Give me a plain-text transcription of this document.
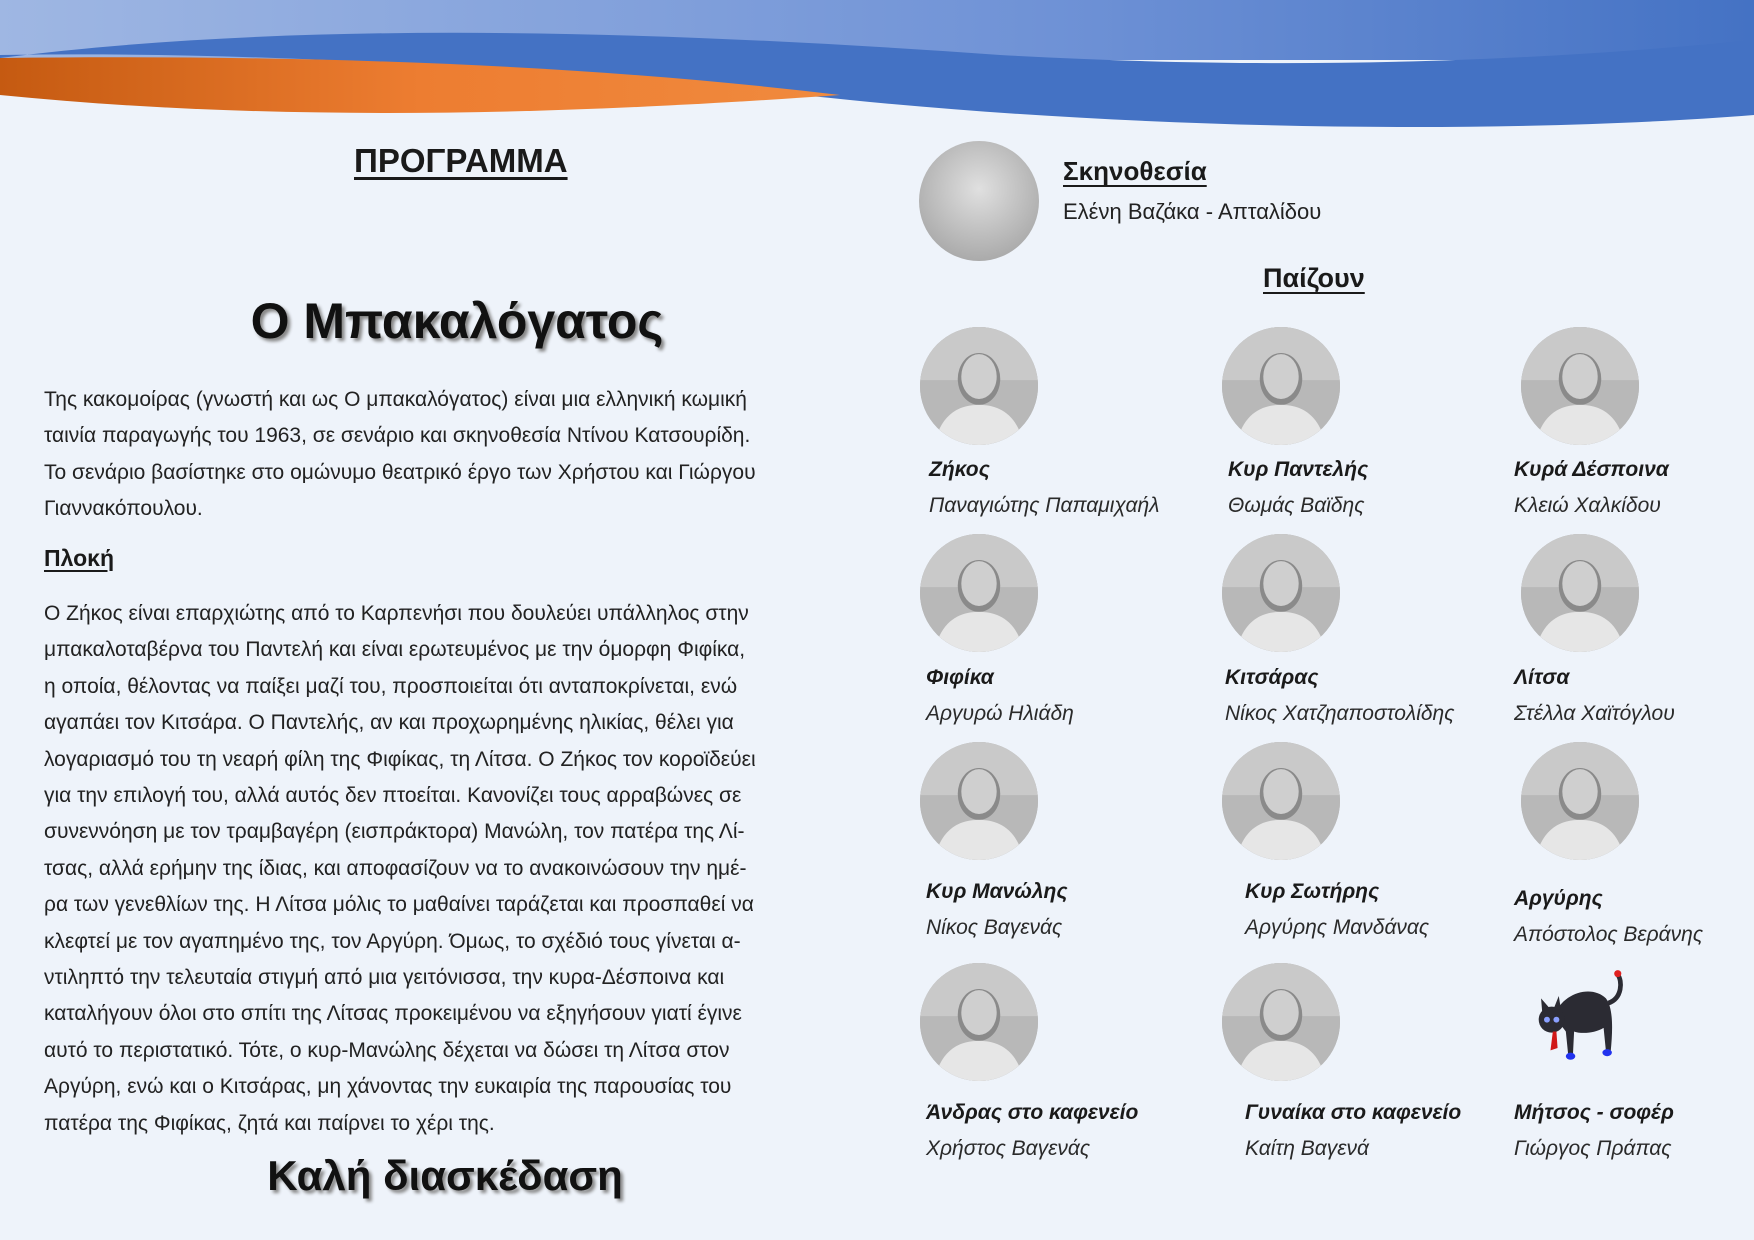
ΠΡΟΓΡΑΜΜΑ
Ο Μπακαλόγατος
Της κακομοίρας (γνωστή και ως Ο μπακαλόγατος) είναι μια ελληνική κωμική
ταινία παραγωγής του 1963, σε σενάριο και σκηνοθεσία Ντίνου Κατσουρίδη.
Το σενάριο βασίστηκε στο ομώνυμο θεατρικό έργο των Χρήστου και Γιώργου
Γιαννακόπουλου.
Πλοκή
Ο Ζήκος είναι επαρχιώτης από το Καρπενήσι που δουλεύει υπάλληλος στην
μπακαλοταβέρνα του Παντελή και είναι ερωτευμένος με την όμορφη Φιφίκα,
η οποία, θέλοντας να παίξει μαζί του, προσποιείται ότι ανταποκρίνεται, ενώ
αγαπάει τον Κιτσάρα. Ο Παντελής, αν και προχωρημένης ηλικίας, θέλει για
λογαριασμό του τη νεαρή φίλη της Φιφίκας, τη Λίτσα. Ο Ζήκος τον κοροϊδεύει
για την επιλογή του, αλλά αυτός δεν πτοείται. Κανονίζει τους αρραβώνες σε
συνεννόηση με τον τραμβαγέρη (εισπράκτορα) Μανώλη, τον πατέρα της Λί-
τσας, αλλά ερήμην της ίδιας, και αποφασίζουν να το ανακοινώσουν την ημέ-
ρα των γενεθλίων της. Η Λίτσα μόλις το μαθαίνει ταράζεται και προσπαθεί να
κλεφτεί με τον αγαπημένο της, τον Αργύρη. Όμως, το σχέδιό τους γίνεται α-
ντιληπτό την τελευταία στιγμή από μια γειτόνισσα, την κυρα-Δέσποινα και
καταλήγουν όλοι στο σπίτι της Λίτσας προκειμένου να εξηγήσουν γιατί έγινε
αυτό το περιστατικό. Τότε, ο κυρ-Μανώλης δέχεται να δώσει τη Λίτσα στον
Αργύρη, ενώ και ο Κιτσάρας, μη χάνοντας την ευκαιρία της παρουσίας του
πατέρα της Φιφίκας, ζητά και παίρνει το χέρι της.
Καλή διασκέδαση
Σκηνοθεσία
Ελένη Βαζάκα - Απταλίδου
Παίζουν
Ζήκος
Παναγιώτης Παπαμιχαήλ
Κυρ Παντελής
Θωμάς Βαϊδης
Κυρά Δέσποινα
Κλειώ Χαλκίδου
Φιφίκα
Αργυρώ Ηλιάδη
Κιτσάρας
Νίκος Χατζηαποστολίδης
Λίτσα
Στέλλα Χαϊτόγλου
Κυρ Μανώλης
Νίκος Βαγενάς
Κυρ Σωτήρης
Αργύρης Μανδάνας
Αργύρης
Απόστολος Βεράνης
Άνδρας στο καφενείο
Χρήστος Βαγενάς
Γυναίκα στο καφενείο
Καίτη Βαγενά
Μήτσος - σοφέρ
Γιώργος Πράπας
